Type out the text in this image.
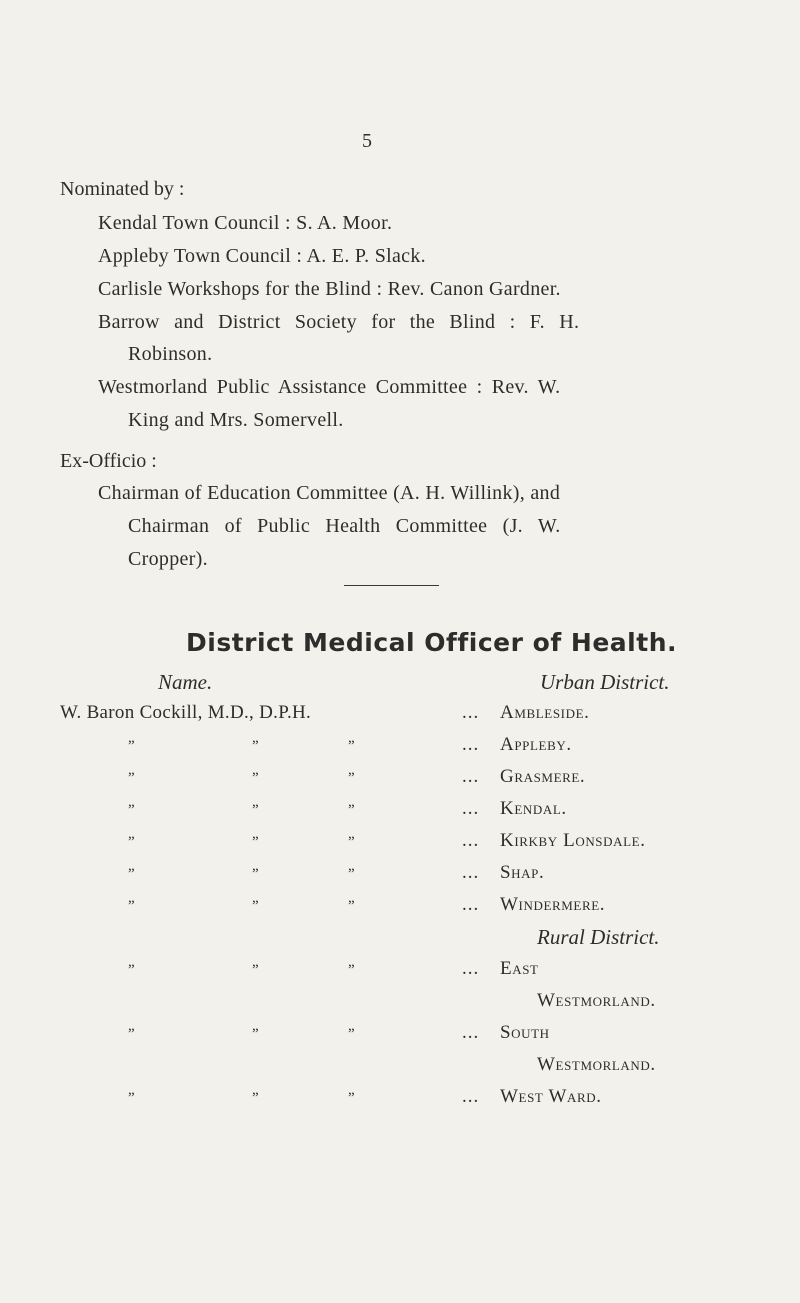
5
Nominated by :
Kendal Town Council : S. A. Moor.
Appleby Town Council : A. E. P. Slack.
Carlisle Workshops for the Blind : Rev. Canon Gardner.
Barrow and District Society for the Blind : F. H.
Robinson.
Westmorland Public Assistance Committee : Rev. W.
King and Mrs. Somervell.
Ex-Officio :
Chairman of Education Committee (A. H. Willink), and
Chairman of Public Health Committee (J. W.
Cropper).
District Medical Officer of Health.
Name.	Urban District.
W. Baron Cockill, M.D., D.P.H.	... Ambleside.
”	”	”	... Appleby.
”	”	”	... Grasmere.
”	”	”	... Kendal.
”	”	”	... Kirkby Lonsdale.
”	”	”	... Shap.
”	”	”	... Windermere.
Rural District.
”	”	”	... East
Westmorland.
”	”	”	... South
Westmorland.
”	”	”	... West Ward.
